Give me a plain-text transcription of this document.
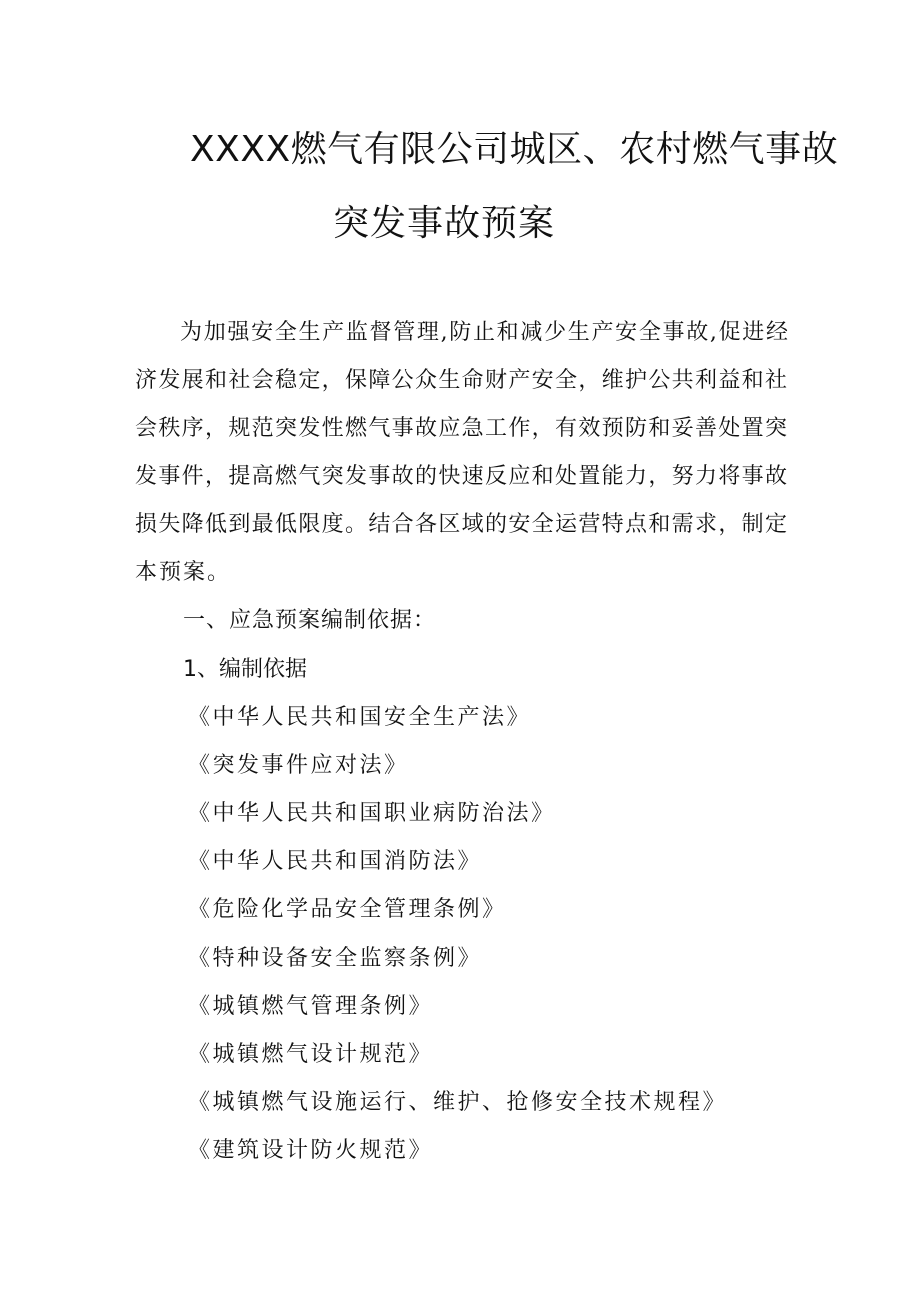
XXXX燃气有限公司城区、农村燃气事故
突发事故预案
为加强安全生产监督管理,防止和减少生产安全事故,促进经
济发展和社会稳定，保障公众生命财产安全，维护公共利益和社
会秩序，规范突发性燃气事故应急工作，有效预防和妥善处置突
发事件，提高燃气突发事故的快速反应和处置能力，努力将事故
损失降低到最低限度。结合各区域的安全运营特点和需求，制定
本预案。
一、应急预案编制依据：
1、编制依据
《中华人民共和国安全生产法》
《突发事件应对法》
《中华人民共和国职业病防治法》
《中华人民共和国消防法》
《危险化学品安全管理条例》
《特种设备安全监察条例》
《城镇燃气管理条例》
《城镇燃气设计规范》
《城镇燃气设施运行、维护、抢修安全技术规程》
《建筑设计防火规范》
